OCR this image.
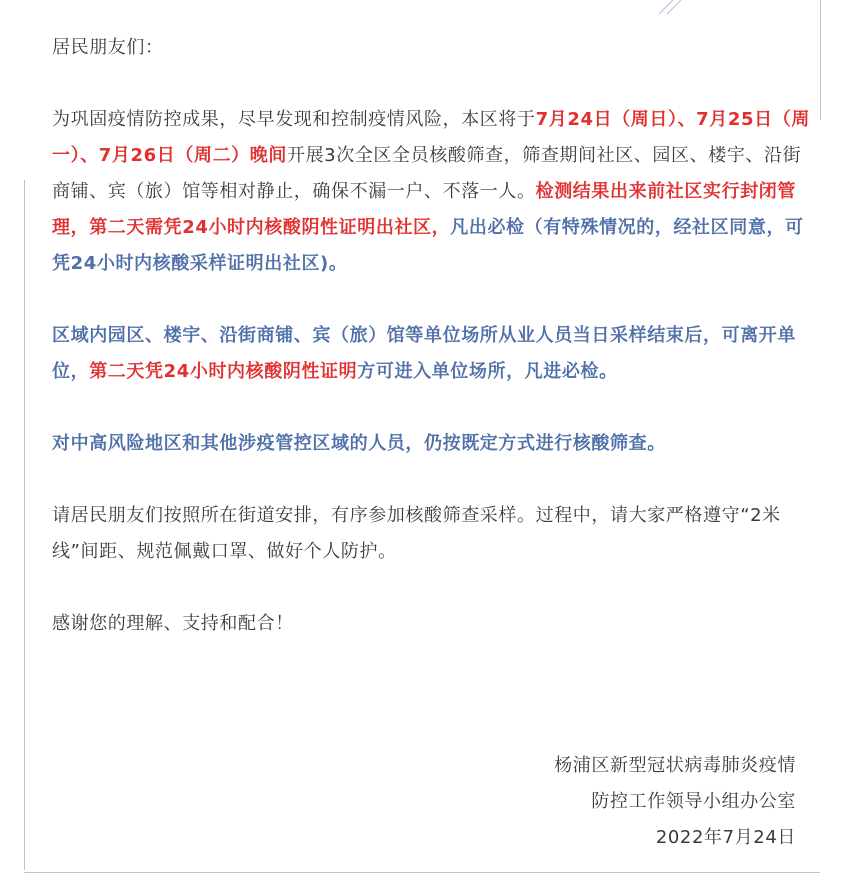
居民朋友们：

为巩固疫情防控成果，尽早发现和控制疫情风险，本区将于7月24日（周日）、7月25日（周一）、7月26日（周二）晚间开展3次全区全员核酸筛查，筛查期间社区、园区、楼宇、沿街商铺、宾（旅）馆等相对静止，确保不漏一户、不落一人。检测结果出来前社区实行封闭管理，第二天需凭24小时内核酸阴性证明出社区，凡出必检（有特殊情况的，经社区同意，可凭24小时内核酸采样证明出社区)。

区域内园区、楼宇、沿街商铺、宾（旅）馆等单位场所从业人员当日采样结束后，可离开单位，第二天凭24小时内核酸阴性证明方可进入单位场所，凡进必检。

对中高风险地区和其他涉疫管控区域的人员，仍按既定方式进行核酸筛查。

请居民朋友们按照所在街道安排，有序参加核酸筛查采样。过程中，请大家严格遵守“2米线”间距、规范佩戴口罩、做好个人防护。

感谢您的理解、支持和配合！

杨浦区新型冠状病毒肺炎疫情
防控工作领导小组办公室
2022年7月24日
